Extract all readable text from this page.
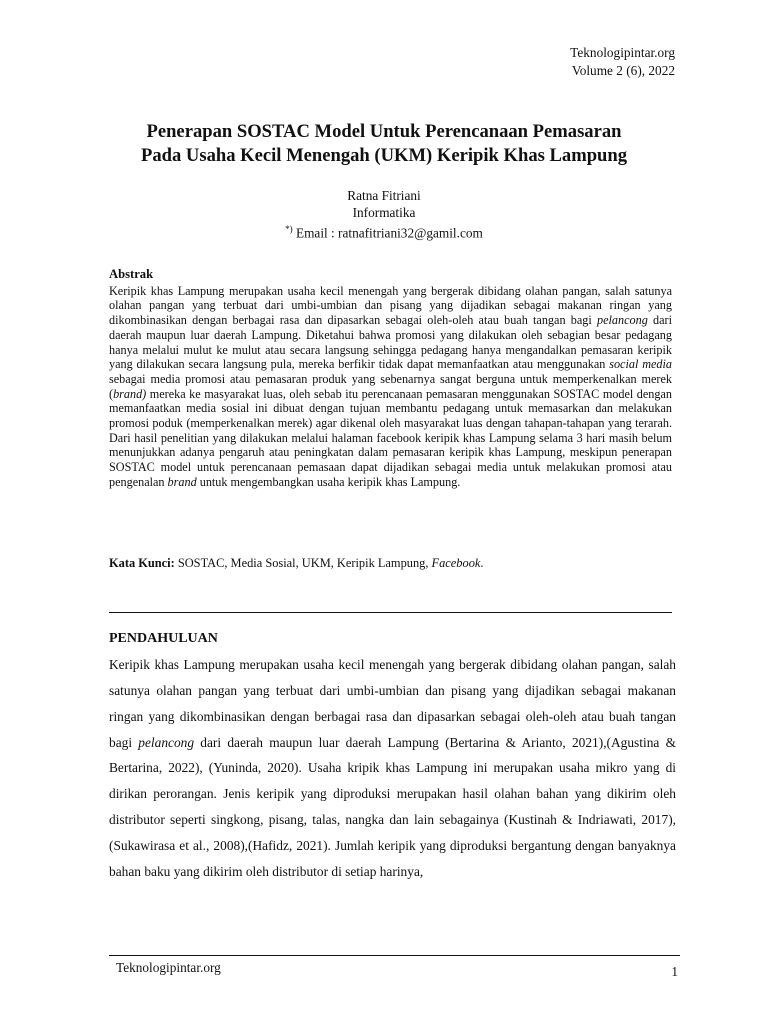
Teknologipintar.org
Volume 2 (6), 2022
Penerapan SOSTAC Model Untuk Perencanaan Pemasaran
Pada Usaha Kecil Menengah (UKM) Keripik Khas Lampung
Ratna Fitriani
Informatika
*) Email : ratnafitriani32@gamil.com
Abstrak

Keripik khas Lampung merupakan usaha kecil menengah yang bergerak dibidang olahan pangan, salah satunya olahan pangan yang terbuat dari umbi-umbian dan pisang yang dijadikan sebagai makanan ringan yang dikombinasikan dengan berbagai rasa dan dipasarkan sebagai oleh-oleh atau buah tangan bagi pelancong dari daerah maupun luar daerah Lampung. Diketahui bahwa promosi yang dilakukan oleh sebagian besar pedagang hanya melalui mulut ke mulut atau secara langsung sehingga pedagang hanya mengandalkan pemasaran keripik yang dilakukan secara langsung pula, mereka berfikir tidak dapat memanfaatkan atau menggunakan social media sebagai media promosi atau pemasaran produk yang sebenarnya sangat berguna untuk memperkenalkan merek (brand) mereka ke masyarakat luas, oleh sebab itu perencanaan pemasaran menggunakan SOSTAC model dengan memanfaatkan media sosial ini dibuat dengan tujuan membantu pedagang untuk memasarkan dan melakukan promosi poduk (memperkenalkan merek) agar dikenal oleh masyarakat luas dengan tahapan-tahapan yang terarah. Dari hasil penelitian yang dilakukan melalui halaman facebook keripik khas Lampung selama 3 hari masih belum menunjukkan adanya pengaruh atau peningkatan dalam pemasaran keripik khas Lampung, meskipun penerapan SOSTAC model untuk perencanaan pemasaan dapat dijadikan sebagai media untuk melakukan promosi atau pengenalan brand untuk mengembangkan usaha keripik khas Lampung.

Kata Kunci: SOSTAC, Media Sosial, UKM, Keripik Lampung, Facebook.
PENDAHULUAN

Keripik khas Lampung merupakan usaha kecil menengah yang bergerak dibidang olahan pangan, salah satunya olahan pangan yang terbuat dari umbi-umbian dan pisang yang dijadikan sebagai makanan ringan yang dikombinasikan dengan berbagai rasa dan dipasarkan sebagai oleh-oleh atau buah tangan bagi pelancong dari daerah maupun luar daerah Lampung (Bertarina & Arianto, 2021),(Agustina & Bertarina, 2022), (Yuninda, 2020). Usaha kripik khas Lampung ini merupakan usaha mikro yang di dirikan perorangan. Jenis keripik yang diproduksi merupakan hasil olahan bahan yang dikirim oleh distributor seperti singkong, pisang, talas, nangka dan lain sebagainya (Kustinah & Indriawati, 2017),(Sukawirasa et al., 2008),(Hafidz, 2021). Jumlah keripik yang diproduksi bergantung dengan banyaknya bahan baku yang dikirim oleh distributor di setiap harinya,

Teknologipintar.org	1
